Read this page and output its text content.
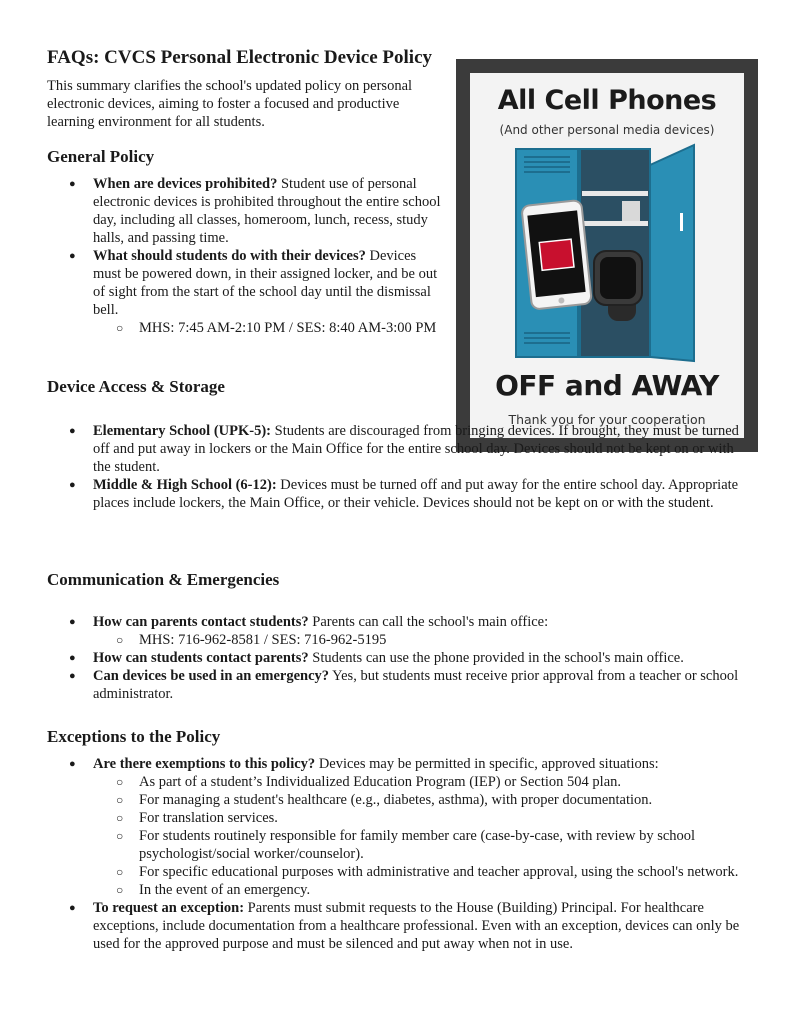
FAQs: CVCS Personal Electronic Device Policy

This summary clarifies the school's updated policy on personal electronic devices, aiming to foster a focused and productive learning environment for all students.

All Cell Phones
(And other personal media devices)
OFF and AWAY
Thank you for your cooperation
General Policy
● When are devices prohibited? Student use of personal electronic devices is prohibited throughout the entire school day, including all classes, homeroom, lunch, recess, study halls, and passing time.
● What should students do with their devices? Devices must be powered down, in their assigned locker, and be out of sight from the start of the school day until the dismissal bell.
○ MHS: 7:45 AM-2:10 PM / SES: 8:40 AM-3:00 PM
Device Access & Storage
● Elementary School (UPK-5): Students are discouraged from bringing devices. If brought, they must be turned off and put away in lockers or the Main Office for the entire school day. Devices should not be kept on or with the student.
● Middle & High School (6-12): Devices must be turned off and put away for the entire school day. Appropriate places include lockers, the Main Office, or their vehicle. Devices should not be kept on or with the student.
Communication & Emergencies
● How can parents contact students? Parents can call the school's main office:
○ MHS: 716-962-8581 / SES: 716-962-5195
● How can students contact parents? Students can use the phone provided in the school's main office.
● Can devices be used in an emergency? Yes, but students must receive prior approval from a teacher or school administrator.
Exceptions to the Policy
● Are there exemptions to this policy? Devices may be permitted in specific, approved situations:
○ As part of a student’s Individualized Education Program (IEP) or Section 504 plan.
○ For managing a student's healthcare (e.g., diabetes, asthma), with proper documentation.
○ For translation services.
○ For students routinely responsible for family member care (case-by-case, with review by school psychologist/social worker/counselor).
○ For specific educational purposes with administrative and teacher approval, using the school's network.
○ In the event of an emergency.
● To request an exception: Parents must submit requests to the House (Building) Principal. For healthcare exceptions, include documentation from a healthcare professional. Even with an exception, devices can only be used for the approved purpose and must be silenced and put away when not in use.
